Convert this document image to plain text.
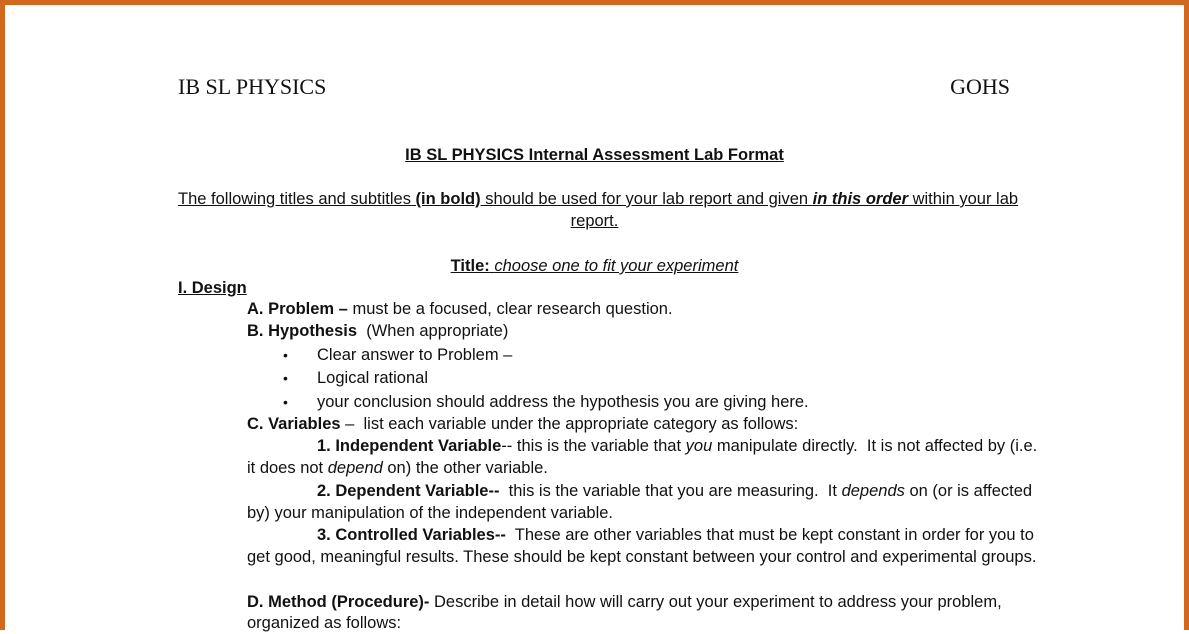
IB SL PHYSICS	GOHS
IB SL PHYSICS Internal Assessment Lab Format
The following titles and subtitles (in bold) should be used for your lab report and given in this order within your lab
report.
Title: choose one to fit your experiment
I. Design
A. Problem – must be a focused, clear research question.
B. Hypothesis  (When appropriate)
• Clear answer to Problem –
• Logical rational
• your conclusion should address the hypothesis you are giving here.
C. Variables –  list each variable under the appropriate category as follows:
1. Independent Variable-- this is the variable that you manipulate directly.  It is not affected by (i.e.
it does not depend on) the other variable.
2. Dependent Variable--  this is the variable that you are measuring.  It depends on (or is affected
by) your manipulation of the independent variable.
3. Controlled Variables--  These are other variables that must be kept constant in order for you to
get good, meaningful results. These should be kept constant between your control and experimental groups.
D. Method (Procedure)- Describe in detail how will carry out your experiment to address your problem,
organized as follows:
